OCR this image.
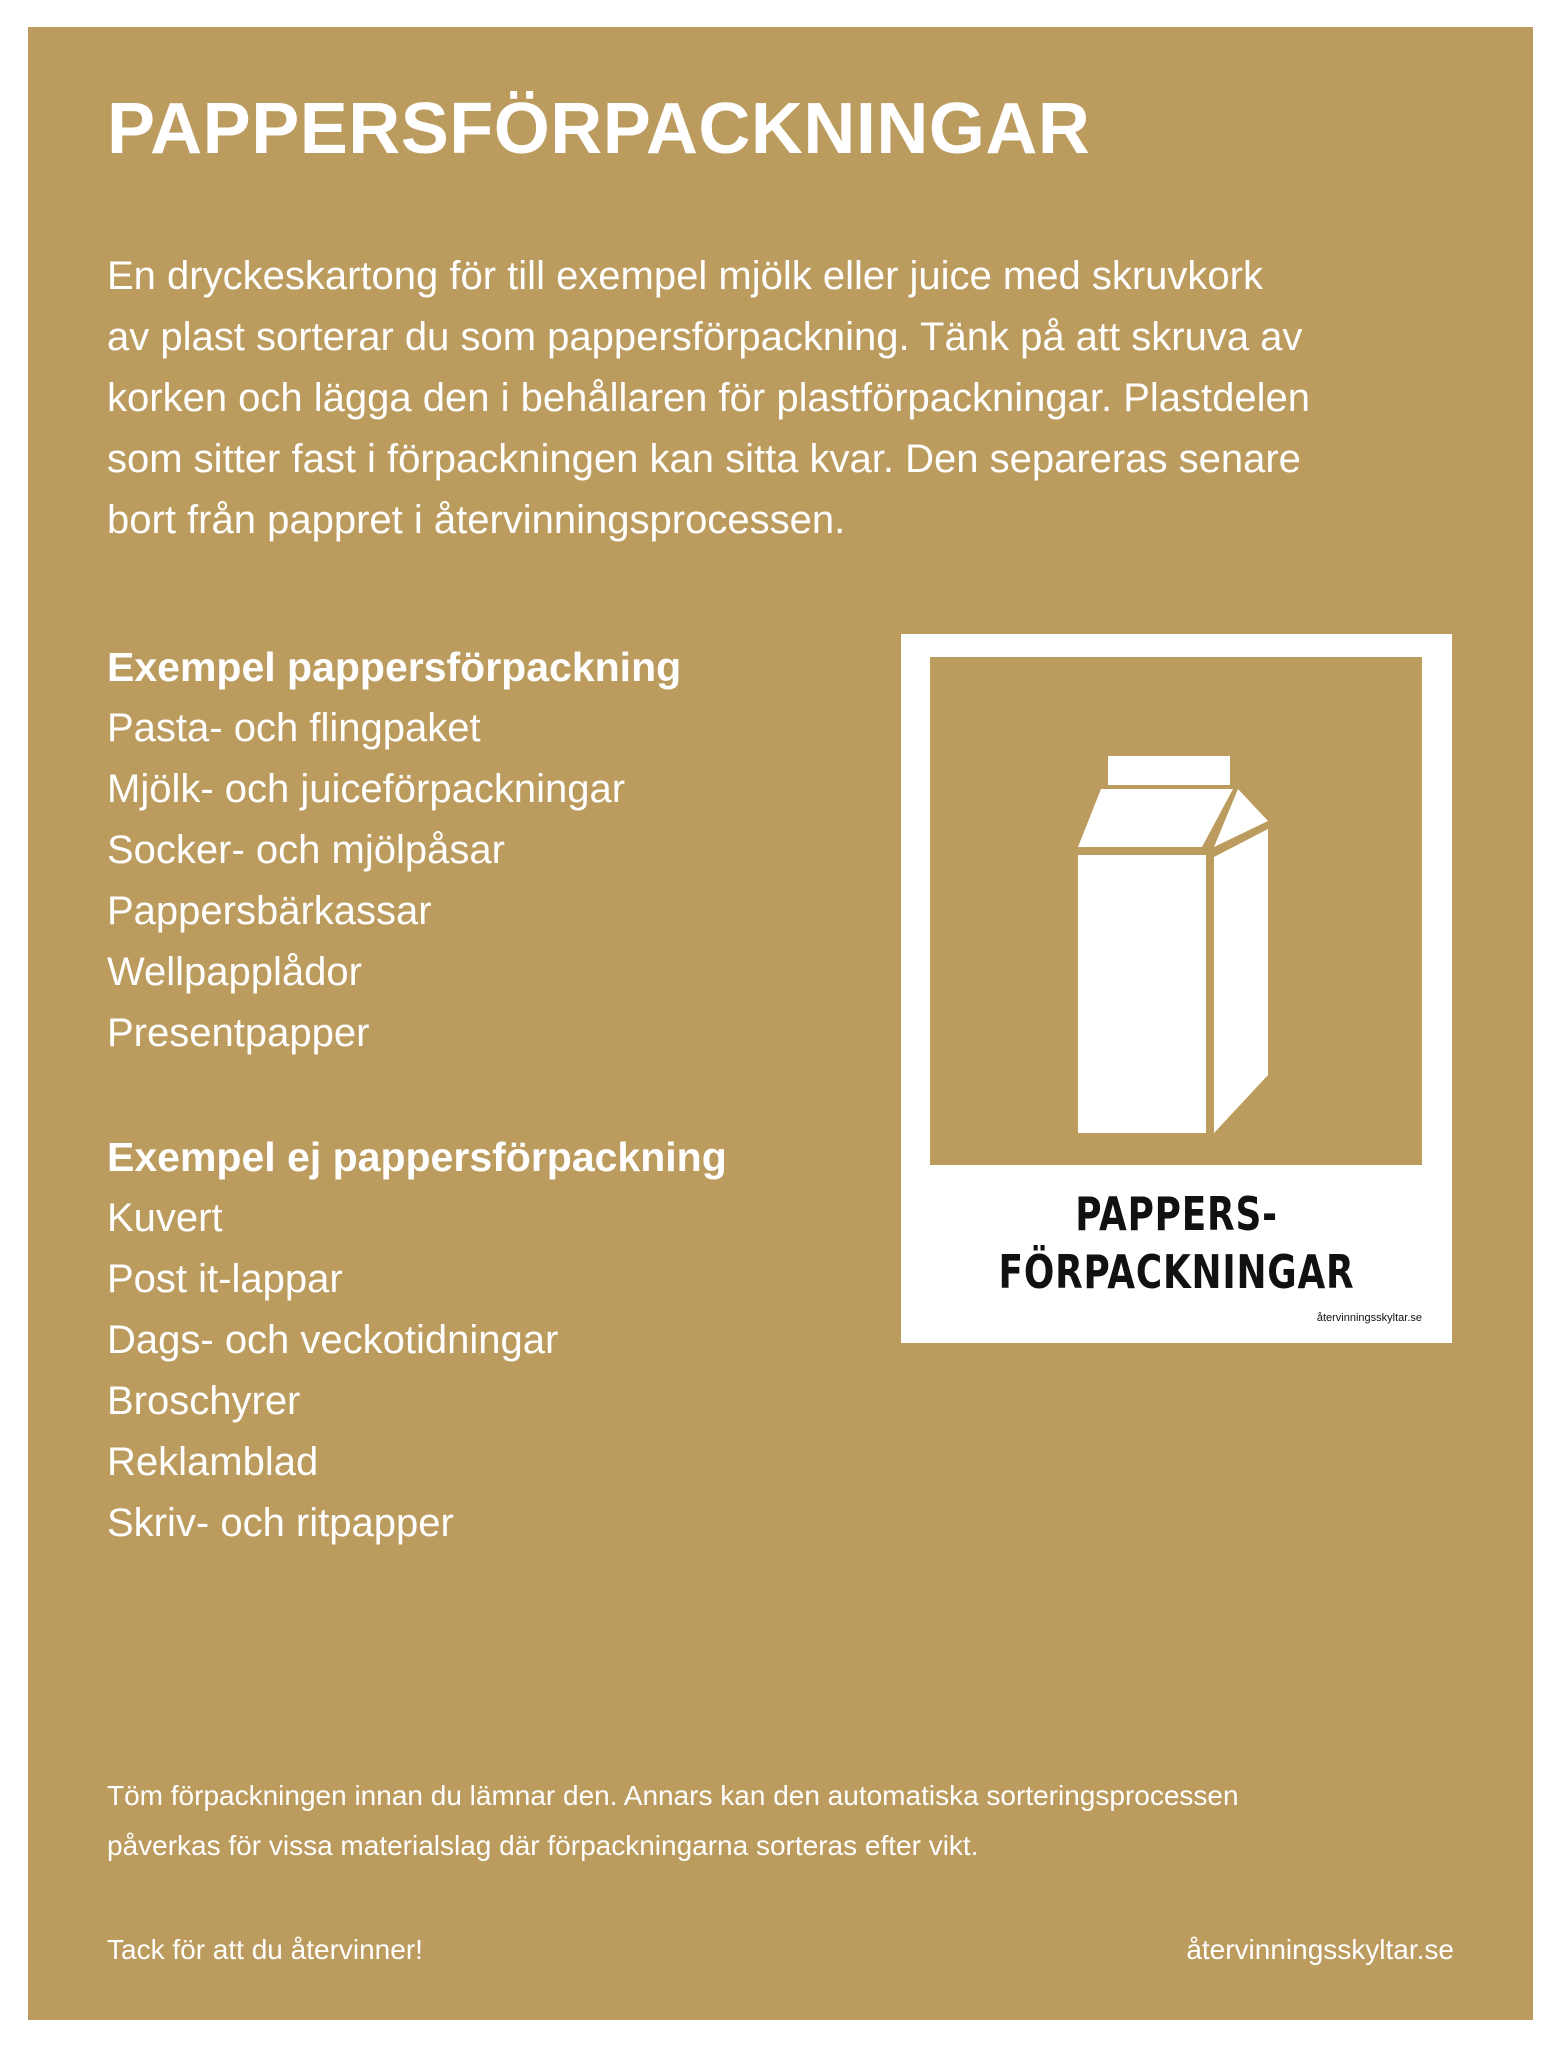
PAPPERSFÖRPACKNINGAR
En dryckeskartong för till exempel mjölk eller juice med skruvkork
av plast sorterar du som pappersförpackning. Tänk på att skruva av
korken och lägga den i behållaren för plastförpackningar. Plastdelen
som sitter fast i förpackningen kan sitta kvar. Den separeras senare
bort från pappret i återvinningsprocessen.
Exempel pappersförpackning
Pasta- och flingpaket
Mjölk- och juiceförpackningar
Socker- och mjölpåsar
Pappersbärkassar
Wellpapplådor
Presentpapper
Exempel ej pappersförpackning
Kuvert
Post it-lappar
Dags- och veckotidningar
Broschyrer
Reklamblad
Skriv- och ritpapper
PAPPERS-
FÖRPACKNINGAR
återvinningsskyltar.se
Töm förpackningen innan du lämnar den. Annars kan den automatiska sorteringsprocessen
påverkas för vissa materialslag där förpackningarna sorteras efter vikt.
Tack för att du återvinner!	återvinningsskyltar.se
